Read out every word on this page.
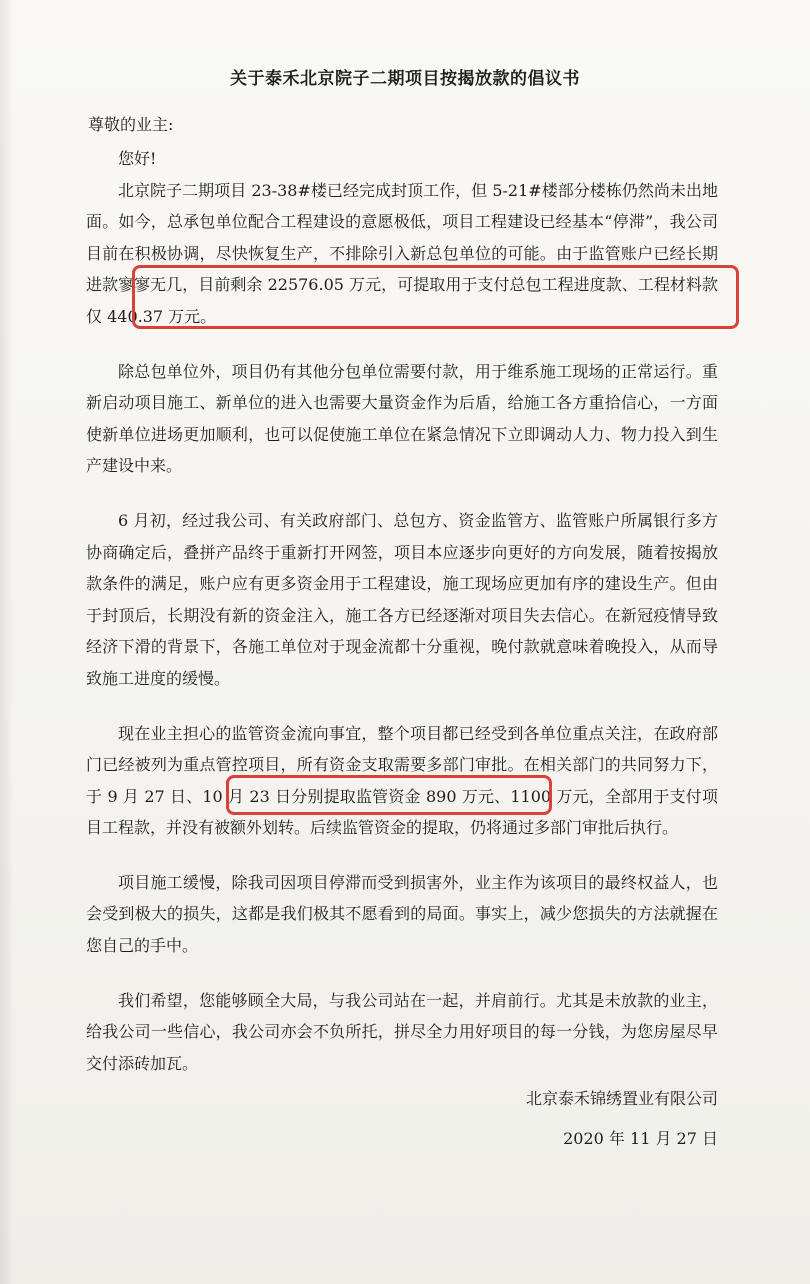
关于泰禾北京院子二期项目按揭放款的倡议书
尊敬的业主:

您好!

北京院子二期项目 23-38#楼已经完成封顶工作，但 5-21#楼部分楼栋仍然尚未出地面。如今，总承包单位配合工程建设的意愿极低，项目工程建设已经基本“停滞”，我公司目前在积极协调，尽快恢复生产，不排除引入新总包单位的可能。由于监管账户已经长期进款寥寥无几，目前剩余 22576.05 万元，可提取用于支付总包工程进度款、工程材料款仅 440.37 万元。

除总包单位外，项目仍有其他分包单位需要付款，用于维系施工现场的正常运行。重新启动项目施工、新单位的进入也需要大量资金作为后盾，给施工各方重拾信心，一方面使新单位进场更加顺利，也可以促使施工单位在紧急情况下立即调动人力、物力投入到生产建设中来。

6 月初，经过我公司、有关政府部门、总包方、资金监管方、监管账户所属银行多方协商确定后，叠拼产品终于重新打开网签，项目本应逐步向更好的方向发展，随着按揭放款条件的满足，账户应有更多资金用于工程建设，施工现场应更加有序的建设生产。但由于封顶后，长期没有新的资金注入，施工各方已经逐渐对项目失去信心。在新冠疫情导致经济下滑的背景下，各施工单位对于现金流都十分重视，晚付款就意味着晚投入，从而导致施工进度的缓慢。

现在业主担心的监管资金流向事宜，整个项目都已经受到各单位重点关注，在政府部门已经被列为重点管控项目，所有资金支取需要多部门审批。在相关部门的共同努力下，于 9 月 27 日、10 月 23 日分别提取监管资金 890 万元、1100 万元，全部用于支付项目工程款，并没有被额外划转。后续监管资金的提取，仍将通过多部门审批后执行。

项目施工缓慢，除我司因项目停滞而受到损害外，业主作为该项目的最终权益人，也会受到极大的损失，这都是我们极其不愿看到的局面。事实上，减少您损失的方法就握在您自己的手中。

我们希望，您能够顾全大局，与我公司站在一起，并肩前行。尤其是未放款的业主，给我公司一些信心，我公司亦会不负所托，拼尽全力用好项目的每一分钱，为您房屋尽早交付添砖加瓦。

北京泰禾锦绣置业有限公司
2020 年 11 月 27 日
